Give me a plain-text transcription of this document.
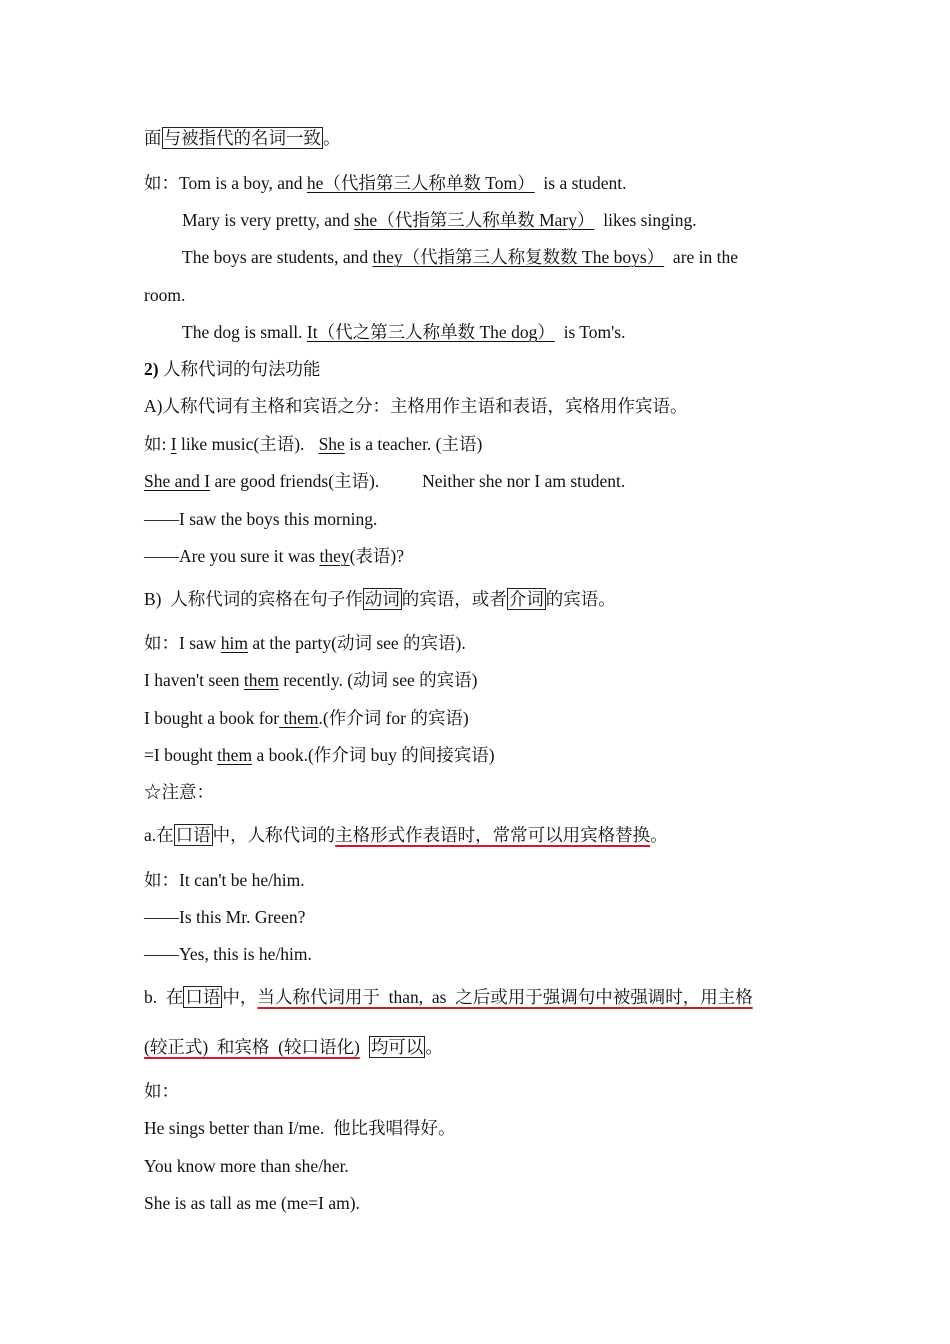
面 与被指代的名词一致 。
如：Tom is a boy, and he（代指第三人称单数 Tom）  is a student.
Mary is very pretty, and she（代指第三人称单数 Mary）  likes singing.
The boys are students, and they（代指第三人称复数数 The boys）  are in the
room.
The dog is small. It（代之第三人称单数 The dog）  is Tom's.
2) 人称代词的句法功能
A)人称代词有主格和宾语之分：主格用作主语和表语，宾格用作宾语。
如: I like music(主语). She is a teacher. (主语)
She and I are good friends(主语). Neither she nor I am student.
——I saw the boys this morning.
——Are you sure it was they(表语)?
B)  人称代词的宾格在句子作 动词 的宾语，或者 介词 的宾语。
如：I saw him at the party(动词 see 的宾语).
I haven't seen them recently. (动词 see 的宾语)
I bought a book for them.(作介词 for 的宾语)
=I bought them a book.(作介词 buy 的间接宾语)
☆注意：
a.在 口语 中，人称代词的主格形式作表语时，常常可以用宾格替换。
如：It can't be he/him.
——Is this Mr. Green?
——Yes, this is he/him.
b.  在 口语 中，当人称代词用于  than,  as  之后或用于强调句中被强调时，用主格
(较正式)  和宾格  (较口语化) 均可以 。
如：
He sings better than I/me.  他比我唱得好。
You know more than she/her.
She is as tall as me (me=I am).
